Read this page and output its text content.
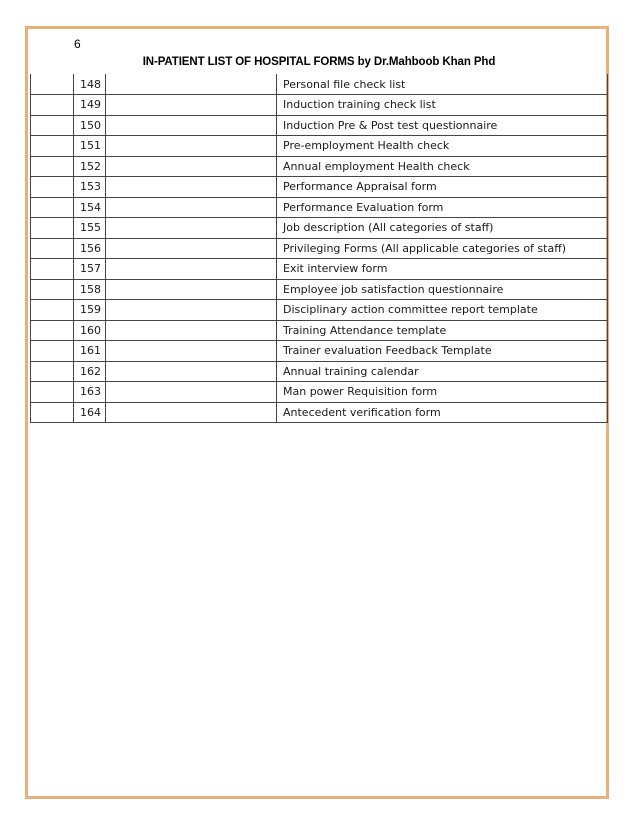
6
IN-PATIENT LIST OF HOSPITAL FORMS by Dr.Mahboob Khan Phd
	148		Personal file check list
	149		Induction training check list
	150		Induction Pre & Post test questionnaire
	151		Pre-employment Health check
	152		Annual employment Health check
	153		Performance Appraisal form
	154		Performance Evaluation form
	155		Job description (All categories of staff)
	156		Privileging Forms (All applicable categories of staff)
	157		Exit interview form
	158		Employee job satisfaction questionnaire
	159		Disciplinary action committee report template
	160		Training Attendance template
	161		Trainer evaluation Feedback Template
	162		Annual training calendar
	163		Man power Requisition form
	164		Antecedent verification form
